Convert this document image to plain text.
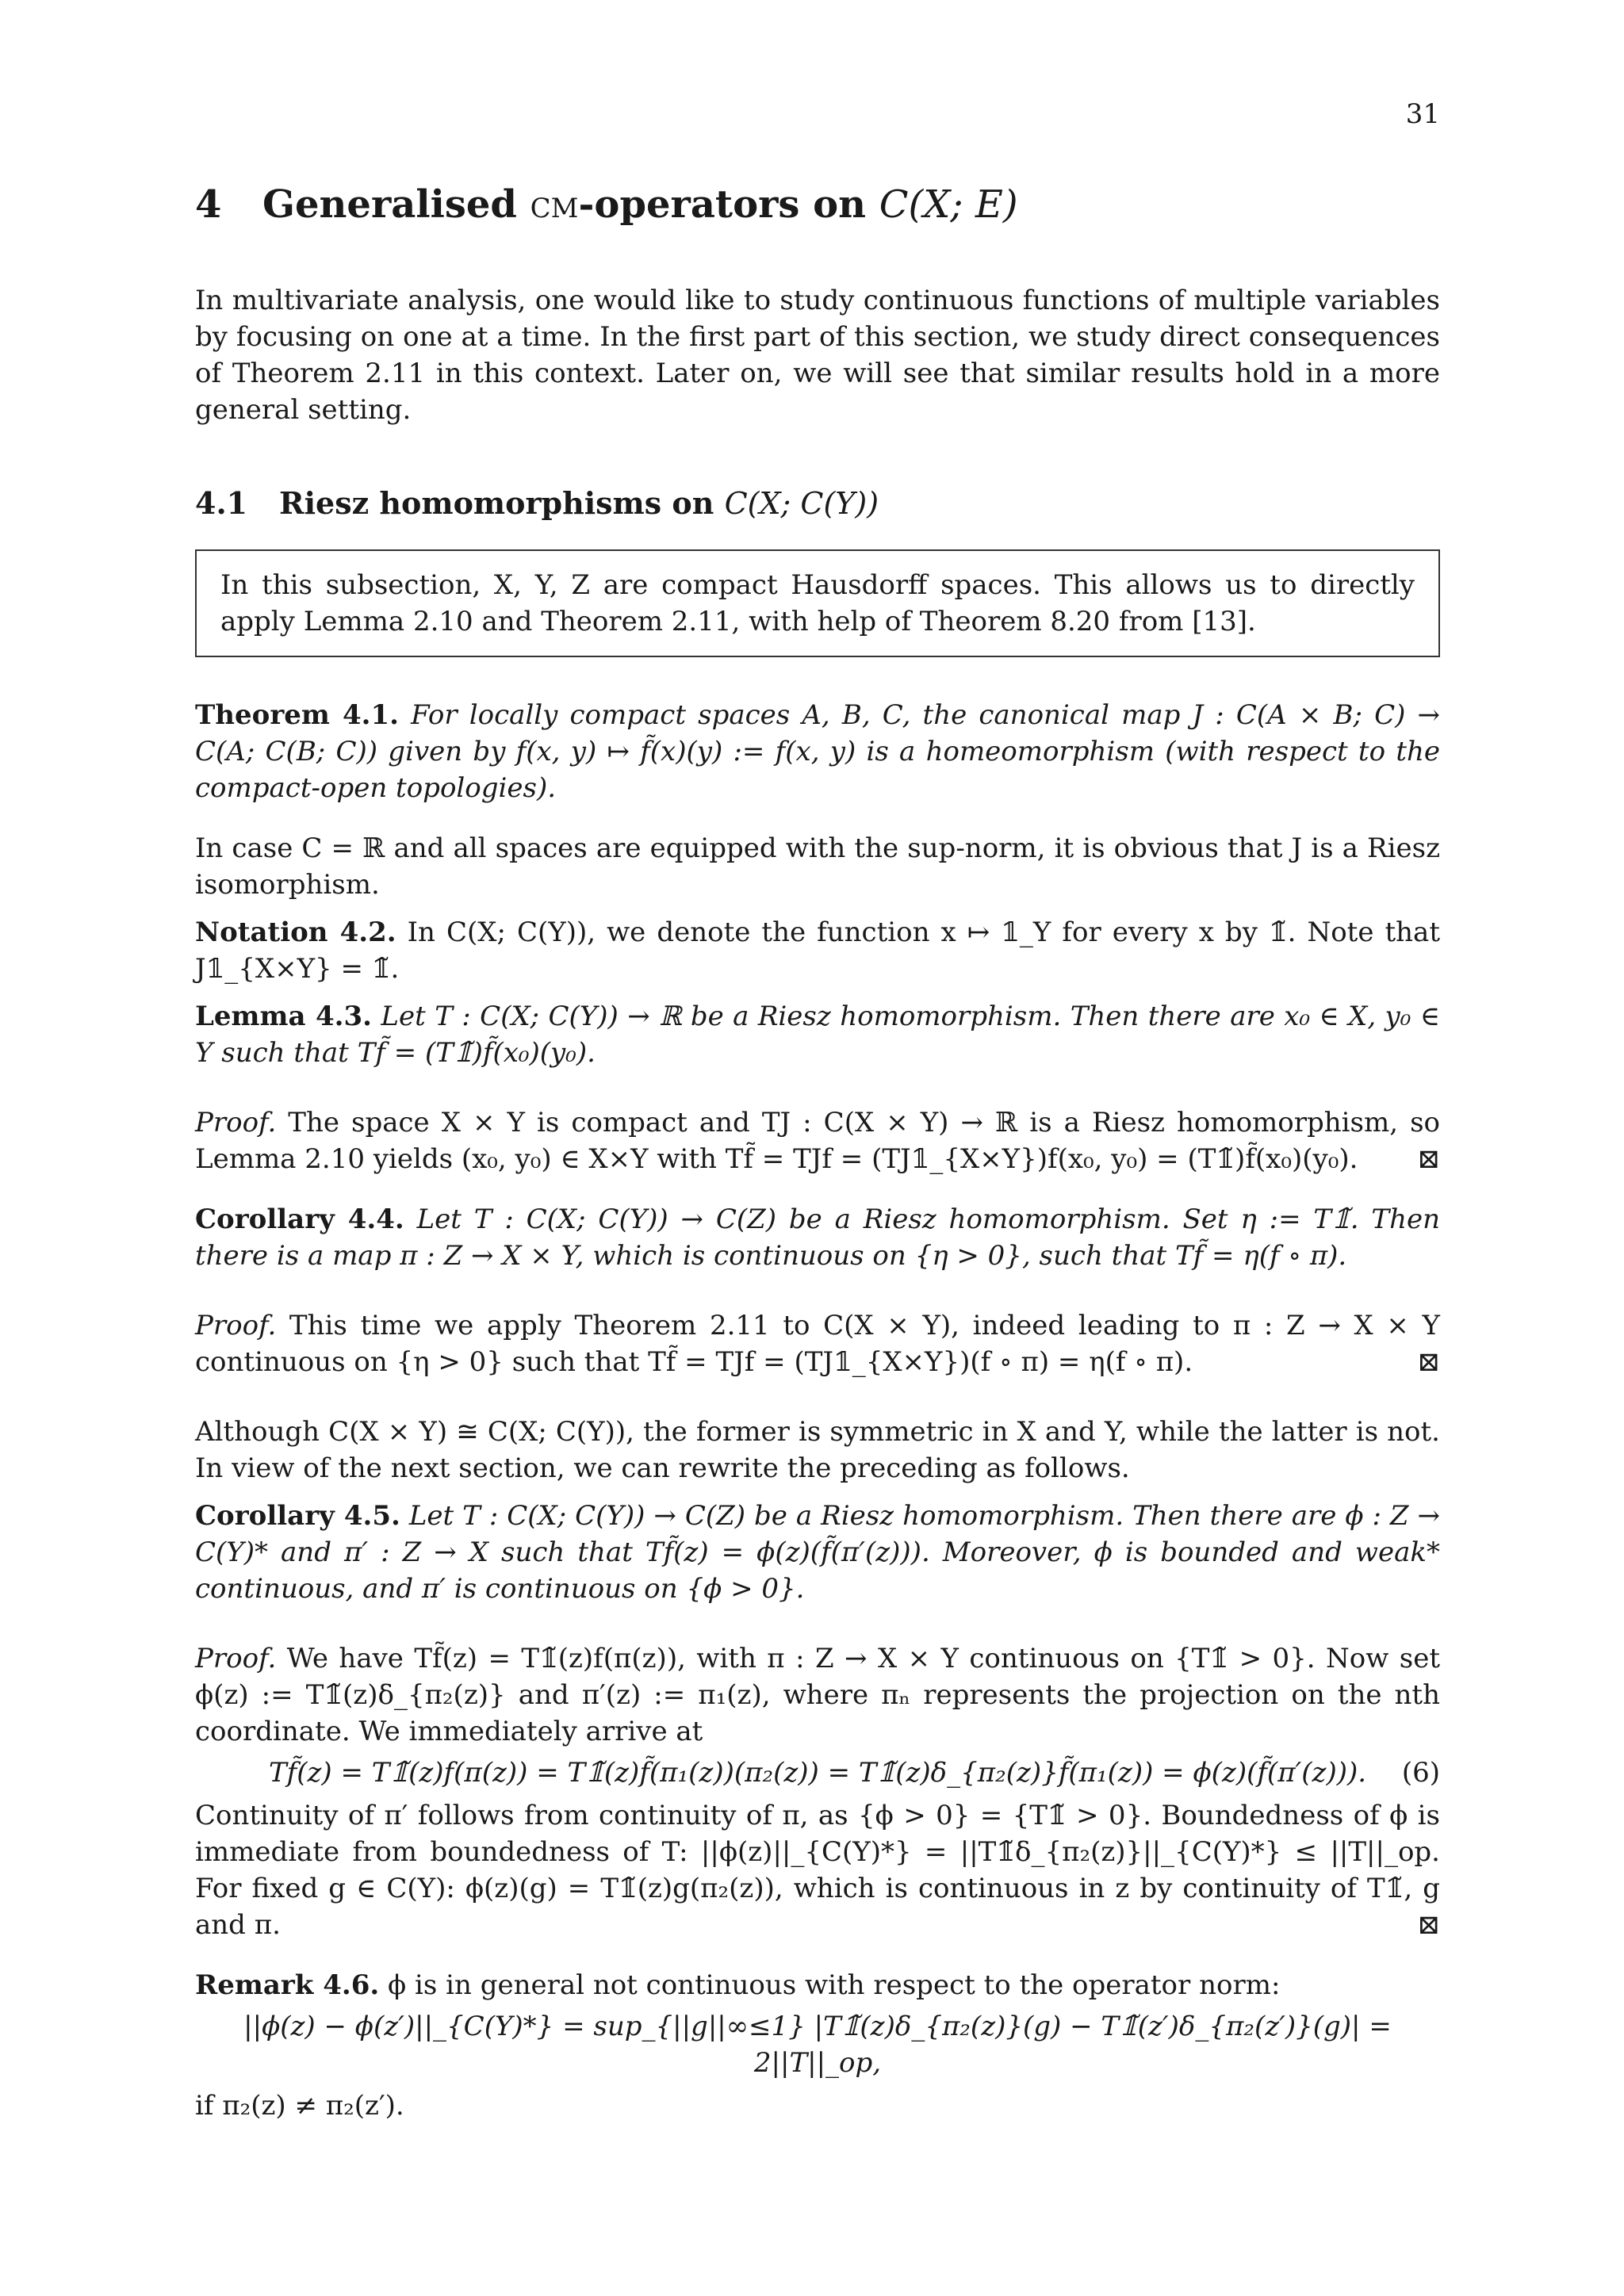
31
4 Generalised cm-operators on C(X; E)

In multivariate analysis, one would like to study continuous functions of multiple variables by focusing on one at a time. In the first part of this section, we study direct consequences of Theorem 2.11 in this context. Later on, we will see that similar results hold in a more general setting.

4.1 Riesz homomorphisms on C(X; C(Y))
In this subsection, X, Y, Z are compact Hausdorff spaces. This allows us to directly apply Lemma 2.10 and Theorem 2.11, with help of Theorem 8.20 from [13].

Theorem 4.1. For locally compact spaces A, B, C, the canonical map J : C(A × B; C) → C(A; C(B; C)) given by f(x, y) ↦ f̃(x)(y) := f(x, y) is a homeomorphism (with respect to the compact-open topologies).

In case C = ℝ and all spaces are equipped with the sup-norm, it is obvious that J is a Riesz isomorphism.

Notation 4.2. In C(X; C(Y)), we denote the function x ↦ 𝟙_Y for every x by 𝟙̃. Note that J𝟙_{X×Y} = 𝟙̃.

Lemma 4.3. Let T : C(X; C(Y)) → ℝ be a Riesz homomorphism. Then there are x₀ ∈ X, y₀ ∈ Y such that Tf̃ = (T𝟙̃)f̃(x₀)(y₀).

Proof. The space X × Y is compact and TJ : C(X × Y) → ℝ is a Riesz homomorphism, so Lemma 2.10 yields (x₀, y₀) ∈ X×Y with Tf̃ = TJf = (TJ𝟙_{X×Y})f(x₀, y₀) = (T𝟙̃)f̃(x₀)(y₀). ⊠

Corollary 4.4. Let T : C(X; C(Y)) → C(Z) be a Riesz homomorphism. Set η := T𝟙̃. Then there is a map π : Z → X × Y, which is continuous on {η > 0}, such that Tf̃ = η(f ∘ π).

Proof. This time we apply Theorem 2.11 to C(X × Y), indeed leading to π : Z → X × Y continuous on {η > 0} such that Tf̃ = TJf = (TJ𝟙_{X×Y})(f ∘ π) = η(f ∘ π).	⊠

Although C(X × Y) ≅ C(X; C(Y)), the former is symmetric in X and Y, while the latter is not. In view of the next section, we can rewrite the preceding as follows.

Corollary 4.5. Let T : C(X; C(Y)) → C(Z) be a Riesz homomorphism. Then there are ϕ : Z → C(Y)* and π′ : Z → X such that Tf̃(z) = ϕ(z)(f̃(π′(z))). Moreover, ϕ is bounded and weak* continuous, and π′ is continuous on {ϕ > 0}.

Proof. We have Tf̃(z) = T𝟙̃(z)f(π(z)), with π : Z → X × Y continuous on {T𝟙̃ > 0}. Now set ϕ(z) := T𝟙̃(z)δ_{π₂(z)} and π′(z) := π₁(z), where πₙ represents the projection on the nth coordinate. We immediately arrive at

Tf̃(z) = T𝟙̃(z)f(π(z)) = T𝟙̃(z)f̃(π₁(z))(π₂(z)) = T𝟙̃(z)δ_{π₂(z)}f̃(π₁(z)) = ϕ(z)(f̃(π′(z))). (6)

Continuity of π′ follows from continuity of π, as {ϕ > 0} = {T𝟙̃ > 0}. Boundedness of ϕ is immediate from boundedness of T: ||ϕ(z)||_{C(Y)*} = ||T𝟙̃δ_{π₂(z)}||_{C(Y)*} ≤ ||T||_op. For fixed g ∈ C(Y): ϕ(z)(g) = T𝟙̃(z)g(π₂(z)), which is continuous in z by continuity of T𝟙̃, g and π.	⊠

Remark 4.6. ϕ is in general not continuous with respect to the operator norm:

||ϕ(z) − ϕ(z′)||_{C(Y)*} = sup_{||g||∞≤1} |T𝟙̃(z)δ_{π₂(z)}(g) − T𝟙̃(z′)δ_{π₂(z′)}(g)| = 2||T||_op,

if π₂(z) ≠ π₂(z′).
